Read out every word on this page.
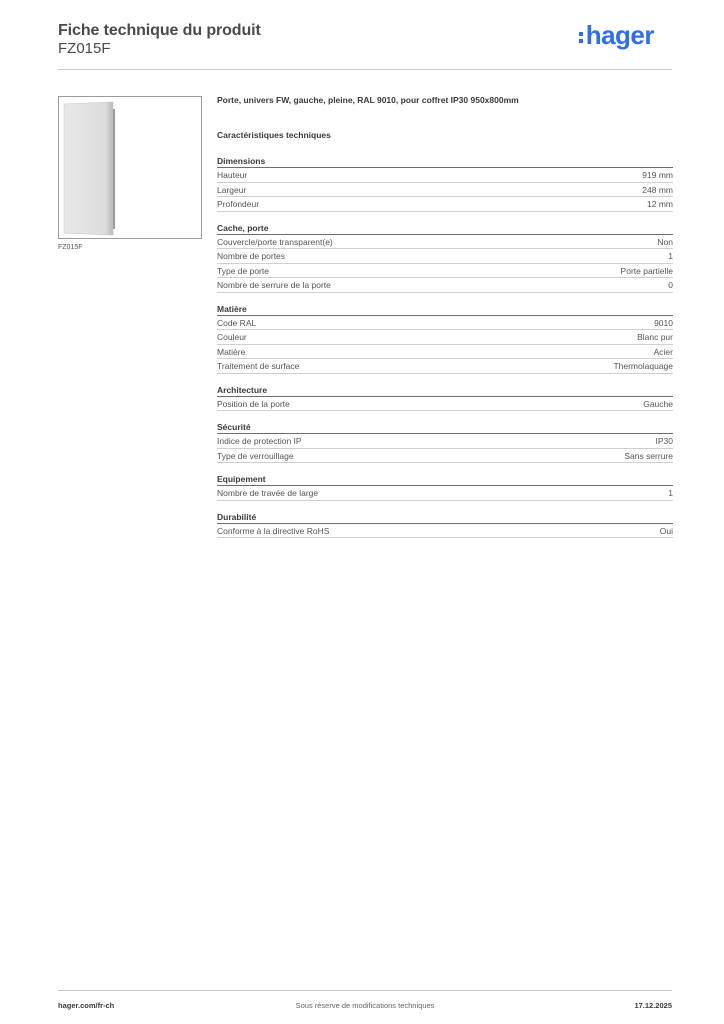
Fiche technique du produit
FZ015F	hager
FZ015F
Porte, univers FW, gauche, pleine, RAL 9010, pour coffret IP30 950x800mm
Caractéristiques techniques
Dimensions
Hauteur	919 mm
Largeur	248 mm
Profondeur	12 mm
Cache, porte
Couvercle/porte transparent(e)	Non
Nombre de portes	1
Type de porte	Porte partielle
Nombre de serrure de la porte	0
Matière
Code RAL	9010
Couleur	Blanc pur
Matière	Acier
Traitement de surface	Thermolaquage
Architecture
Position de la porte	Gauche
Sécurité
Indice de protection IP	IP30
Type de verrouillage	Sans serrure
Equipement
Nombre de travée de large	1
Durabilité
Conforme à la directive RoHS	Oui
hager.com/fr-ch	Sous réserve de modifications techniques	17.12.2025
